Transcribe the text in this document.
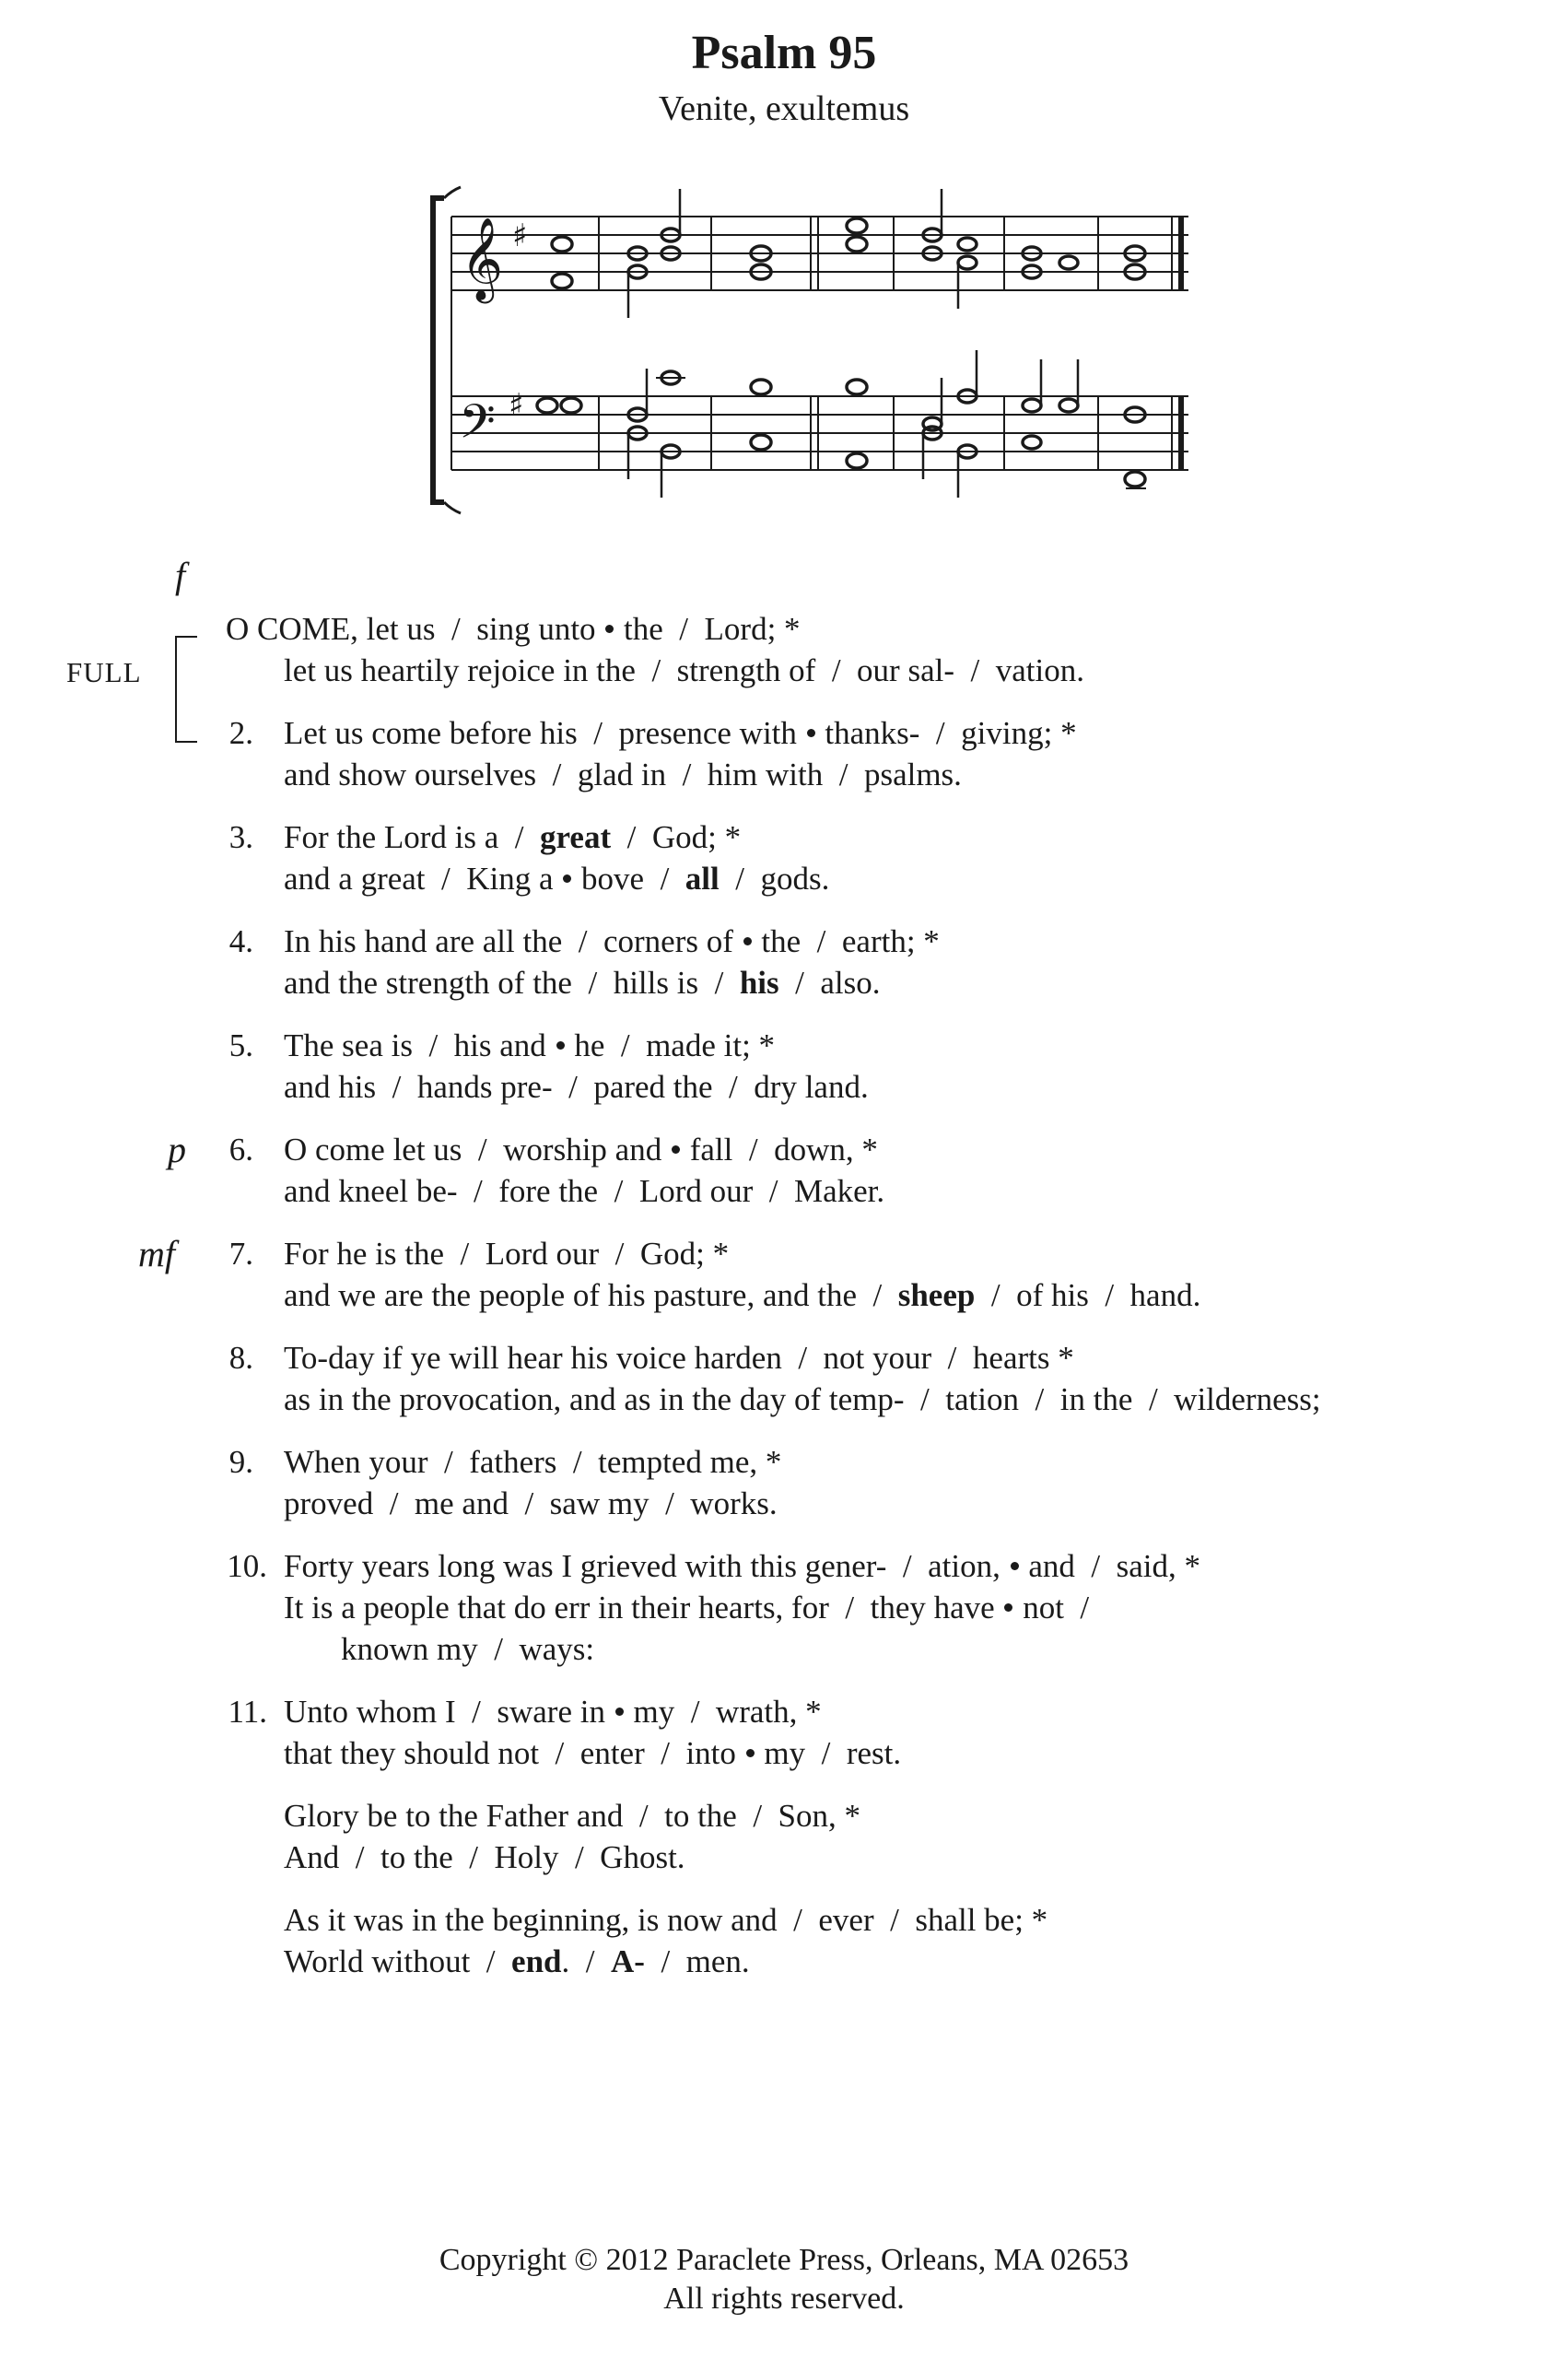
Psalm 95
Venite, exultemus
𝄞
𝄢
♯
♯
f
FULL
O COME, let us  /  sing unto the  /  Lord; *
let us heartily rejoice in the  /  strength of  /  our sal-  /  vation.
2. Let us come before his  /  presence with thanks-  /  giving; *
and show ourselves  /  glad in  /  him with  /  psalms.
3. For the Lord is a  /  great  /  God; *
and a great  /  King a bove  /  all  /  gods.
4. In his hand are all the  /  corners of the  /  earth; *
and the strength of the  /  hills is  /  his  /  also.
5. The sea is  /  his and he  /  made it; *
and his  /  hands pre-  /  pared the  /  dry land.
p	6. O come let us  /  worship and fall  /  down, *
and kneel be-  /  fore the  /  Lord our  /  Maker.
mf	7. For he is the  /  Lord our  /  God; *
and we are the people of his pasture, and the  /  sheep  /  of his  /  hand.
8. To-day if ye will hear his voice harden  /  not your  /  hearts *
as in the provocation, and as in the day of temp-  /  tation  /  in the  /  wilderness;
9. When your  /  fathers  /  tempted me, *
proved  /  me and  /  saw my  /  works.
10. Forty years long was I grieved with this gener-  /  ation, and  /  said, *
It is a people that do err in their hearts, for  /  they have not  /
known my  /  ways:
11. Unto whom I  /  sware in my  /  wrath, *
that they should not  /  enter  /  into my  /  rest.
Glory be to the Father and  /  to the  /  Son, *
And  /  to the  /  Holy  /  Ghost.
As it was in the beginning, is now and  /  ever  /  shall be; *
World without  /  end.  /  A-  /  men.
Copyright © 2012 Paraclete Press, Orleans, MA 02653
All rights reserved.
